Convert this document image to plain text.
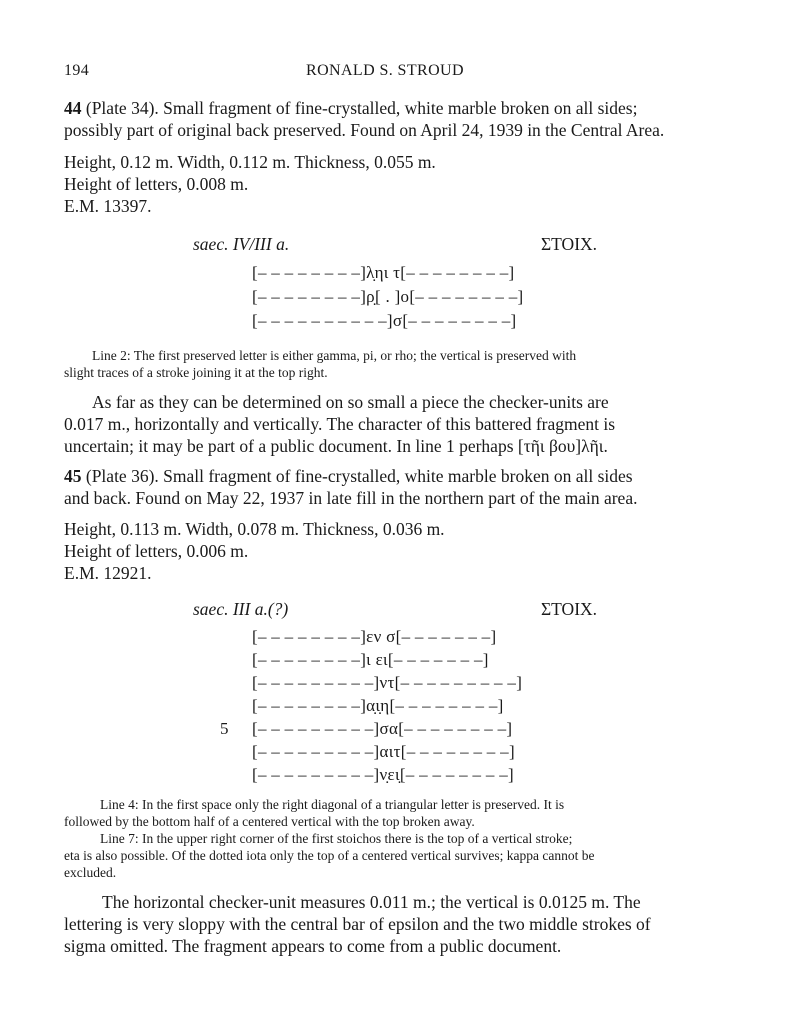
194	RONALD S. STROUD
44 (Plate 34). Small fragment of fine-crystalled, white marble broken on all sides;
possibly part of original back preserved. Found on April 24, 1939 in the Central Area.
Height, 0.12 m. Width, 0.112 m. Thickness, 0.055 m.
Height of letters, 0.008 m.
E.M. 13397.
saec. IV/III a.	ΣΤΟΙΧ.
[– – – – – – – –]λ̣ηι τ[– – – – – – – –]
[– – – – – – – –]ρ̣[ . ]ο[– – – – – – – –]
[– – – – – – – – – –]σ[– – – – – – – –]
Line 2: The first preserved letter is either gamma, pi, or rho; the vertical is preserved with
slight traces of a stroke joining it at the top right.
As far as they can be determined on so small a piece the checker-units are
0.017 m., horizontally and vertically. The character of this battered fragment is
uncertain; it may be part of a public document. In line 1 perhaps [τῆι βου]λῆι.
45 (Plate 36). Small fragment of fine-crystalled, white marble broken on all sides
and back. Found on May 22, 1937 in late fill in the northern part of the main area.
Height, 0.113 m. Width, 0.078 m. Thickness, 0.036 m.
Height of letters, 0.006 m.
E.M. 12921.
saec. III a.(?)	ΣΤΟΙΧ.
[– – – – – – – –]εν σ[– – – – – – –]
[– – – – – – – –]ι ει[– – – – – – –]
[– – – – – – – – –]ντ[– – – – – – – – –]
[– – – – – – – –]α̣ι̣η[– – – – – – – –]
5 [– – – – – – – – –]σα[– – – – – – – –]
[– – – – – – – – –]αιτ[– – – – – – – –]
[– – – – – – – – –]ν̣ει̣[– – – – – – – –]
Line 4: In the first space only the right diagonal of a triangular letter is preserved. It is
followed by the bottom half of a centered vertical with the top broken away.
Line 7: In the upper right corner of the first stoichos there is the top of a vertical stroke;
eta is also possible. Of the dotted iota only the top of a centered vertical survives; kappa cannot be
excluded.
The horizontal checker-unit measures 0.011 m.; the vertical is 0.0125 m. The
lettering is very sloppy with the central bar of epsilon and the two middle strokes of
sigma omitted. The fragment appears to come from a public document.
